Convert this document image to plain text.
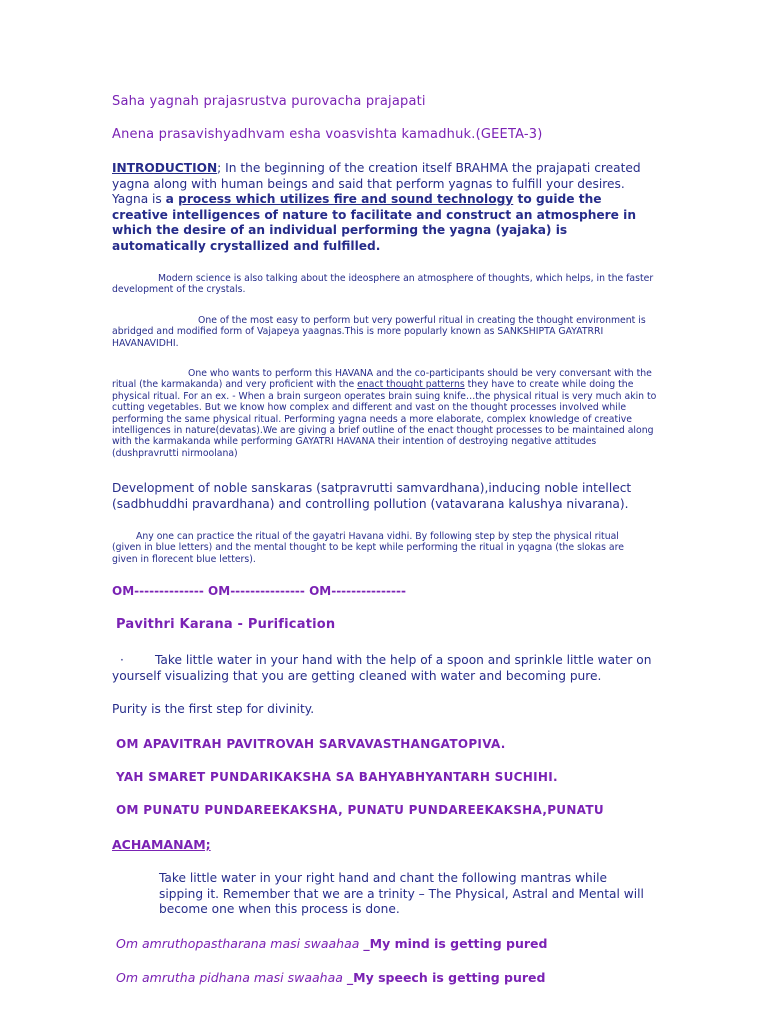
Saha yagnah prajasrustva purovacha prajapati

Anena prasavishyadhvam esha voasvishta kamadhuk.(GEETA-3)

INTRODUCTION; In the beginning of the creation itself BRAHMA the prajapati created yagna along with human beings and said that perform yagnas to fulfill your desires. Yagna is a process which utilizes fire and sound technology to guide the creative intelligences of nature to facilitate and construct an atmosphere in which the desire of an individual performing the yagna (yajaka) is automatically crystallized and fulfilled.

Modern science is also talking about the ideosphere an atmosphere of thoughts, which helps, in the faster development of the crystals.

One of the most easy to perform but very powerful ritual in creating the thought environment is abridged and modified form of Vajapeya yaagnas.This is more popularly known as SANKSHIPTA GAYATRRI HAVANAVIDHI.

One who wants to perform this HAVANA and the co-participants should be very conversant with the ritual (the karmakanda) and very proficient with the enact thought patterns they have to create while doing the physical ritual. For an ex. - When a brain surgeon operates brain suing knife…the physical ritual is very much akin to cutting vegetables. But we know how complex and different and vast on the thought processes involved while performing the same physical ritual. Performing yagna needs a more elaborate, complex knowledge of creative intelligences in nature(devatas).We are giving a brief outline of the enact thought processes to be maintained along with the karmakanda while performing GAYATRI HAVANA their intention of destroying negative attitudes (dushpravrutti nirmoolana)

Development of noble sanskaras (satpravrutti samvardhana),inducing noble intellect (sadbhuddhi pravardhana) and controlling pollution (vatavarana kalushya nivarana).

Any one can practice the ritual of the gayatri Havana vidhi. By following step by step the physical ritual (given in blue letters) and the mental thought to be kept while performing the ritual in yqagna (the slokas are given in florecent blue letters).

OM-------------- OM--------------- OM---------------

Pavithri Karana - Purification

·	Take little water in your hand with the help of a spoon and sprinkle little water on yourself visualizing that you are getting cleaned with water and becoming pure.

Purity is the first step for divinity.

OM APAVITRAH PAVITROVAH SARVAVASTHANGATOPIVA.

YAH SMARET PUNDARIKAKSHA SA BAHYABHYANTARH SUCHIHI.

OM PUNATU PUNDAREEKAKSHA, PUNATU PUNDAREEKAKSHA,PUNATU

ACHAMANAM;

Take little water in your right hand and chant the following mantras while sipping it. Remember that we are a trinity – The Physical, Astral and Mental will become one when this process is done.

Om amruthopastharana masi swaahaa _My mind is getting pured

Om amrutha pidhana masi swaahaa _My speech is getting pured
